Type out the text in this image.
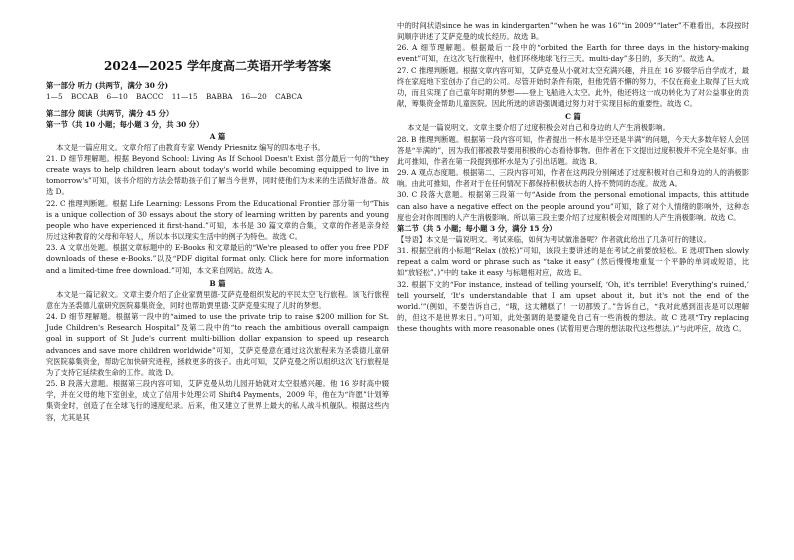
2024—2025 学年度高二英语开学考答案
第一部分 听力 (共两节，满分 30 分)
1—5 BCCAB 6—10 BACCC 11—15 BABBA 16—20 CABCA
第二部分 阅读（共两节，满分 45 分）
第一节（共 10 小题；每小题 3 分，共 30 分）
A 篇
本文是一篇应用文。文章介绍了由教育专家 Wendy Priesnitz 编写的四本电子书。
21. D 细节理解题。根据 Beyond School: Living As If School Doesn't Exist 部分最后一句的“they create ways to help children learn about today's world while becoming equipped to live in tomorrow's”可知，该书介绍的方法会帮助孩子们了解当今世界，同时使他们为未来的生活做好准备。故选 D。
22. C 推理判断题。根据 Life Learning: Lessons From the Educational Frontier 部分第一句“This is a unique collection of 30 essays about the story of learning written by parents and young people who have experienced it first-hand.”可知，本书是 30 篇文章的合集，文章的作者是亲身经历过这种教育的父母和年轻人，所以本书以现实生活中的例子为特色。故选 C。
23. A 文章出处题。根据文章标题中的 E-Books 和文章最后的“We're pleased to offer you free PDF downloads of these e-Books.”以及“PDF digital format only. Click here for more information and a limited-time free download.”可知，本文来自网站。故选 A。
B 篇
本文是一篇记叙文。文章主要介绍了企业家贾里德·艾萨克曼组织发起的平民太空飞行旅程。该飞行旅程意在为圣裘德儿童研究医院募集资金，同时也帮助贾里德·艾萨克曼实现了儿时的梦想。
24. D 细节理解题。根据第一段中的“aimed to use the private trip to raise $200 million for St. Jude Children's Research Hospital”及第二段中的“to reach the ambitious overall campaign goal in support of St Jude's current multi-billion dollar expansion to speed up research advances and save more children worldwide”可知，艾萨克曼意在通过这次旅程来为圣裘德儿童研究医院募集资金，帮助它加快研究进程，拯救更多的孩子。由此可知，艾萨克曼之所以组织这次飞行旅程是为了支持它延续救生命的工作。故选 D。
25. B 段落大意题。根据第三段内容可知，艾萨克曼从幼儿园开始就对太空很感兴趣。他 16 岁时高中辍学，并在父母的地下室创业，成立了信用卡处理公司 Shift4 Payments，2009 年，他在为“许愿”计划筹集资金时，创造了在全球飞行的速度纪录。后来，他又建立了世界上最大的私人战斗机舰队。根据这些内容，尤其是其
中的时间状语since he was in kindergarten”“when he was 16”“in 2009”“later”不难看出，本段按时间顺序讲述了艾萨克曼的成长经历。故选 B。
26. A 细节理解题。根据最后一段中的“orbited the Earth for three days in the history-making event”可知，在这次飞行旅程中，他们环绕地球飞行三天。multi-day”多日的，多天的”。故选 A。
27. C 推理判断题。根据文章内容可知，艾萨克曼从小就对太空充满兴趣，并且在 16 岁辍学后自学成才，最终在家庭地下室创办了自己的公司。尽管开始时条件有限，但他凭借不懈的努力，不仅在商业上取得了巨大成功，而且实现了自己童年时期的梦想——登上飞船进入太空。此外，他还将这一成功转化为了对公益事业的贡献，筹集资金帮助儿童医院。因此所选的谚语强调通过努力对于实现目标的重要性。故选 C。
C 篇
本文是一篇说明文。文章主要介绍了过度积极会对自己和身边的人产生消极影响。
28. B 推理判断题。根据第一段内容可知，作者提出一杯水是半空还是半满”的问题，今天大多数年轻人会回答是“半满的”，因为我们都被教导要用积极的心态看待事物。但作者在下文提出过度积极并不完全是好事。由此可推知，作者在第一段提到那杯水是为了引出话题。故选 B。
29. A 观点态度题。根据第二、三段内容可知，作者在这两段分别阐述了过度积极对自己和身边的人的消极影响。由此可推知，作者对于在任何情况下都保持积极状态的人持不赞同的态度。故选 A。
30. C 段落大意题。根据第三段第一句“Aside from the personal emotional impacts, this attitude can also have a negative effect on the people around you”可知，除了对个人情绪的影响外，这种态度也会对你周围的人产生消极影响。所以第三段主要介绍了过度积极会对周围的人产生消极影响。故选 C。
第二节（共 5 小题；每小题 3 分，满分 15 分）
【导语】本文是一篇说明文。考试来临，如何为考试做准备呢？作者就此给出了几条可行的建议。
31. 根据空前的小标题“Relax (放松)”可知，该段主要讲述的是在考试之前要放轻松。E 选项Then slowly repeat a calm word or phrase such as “take it easy” (然后慢慢地重复一个平静的单词或短语，比如“放轻松”。)”中的 take it easy 与标题相对应，故选 E。
32. 根据下文的“For instance, instead of telling yourself, ‘Oh, it's terrible! Everything's ruined,’ tell yourself, ‘It's understandable that I am upset about it, but it's not the end of the world.’”(例如，不要告诉自己，“哦，这太糟糕了！一切都毁了。”告诉自己，“我对此感到沮丧是可以理解的，但这不是世界末日。”)可知，此处强调的是要避免自己有一些消极的想法。故 C 选项“Try replacing these thoughts with more reasonable ones (试着用更合理的想法取代这些想法。)”与此呼应，故选 C。
